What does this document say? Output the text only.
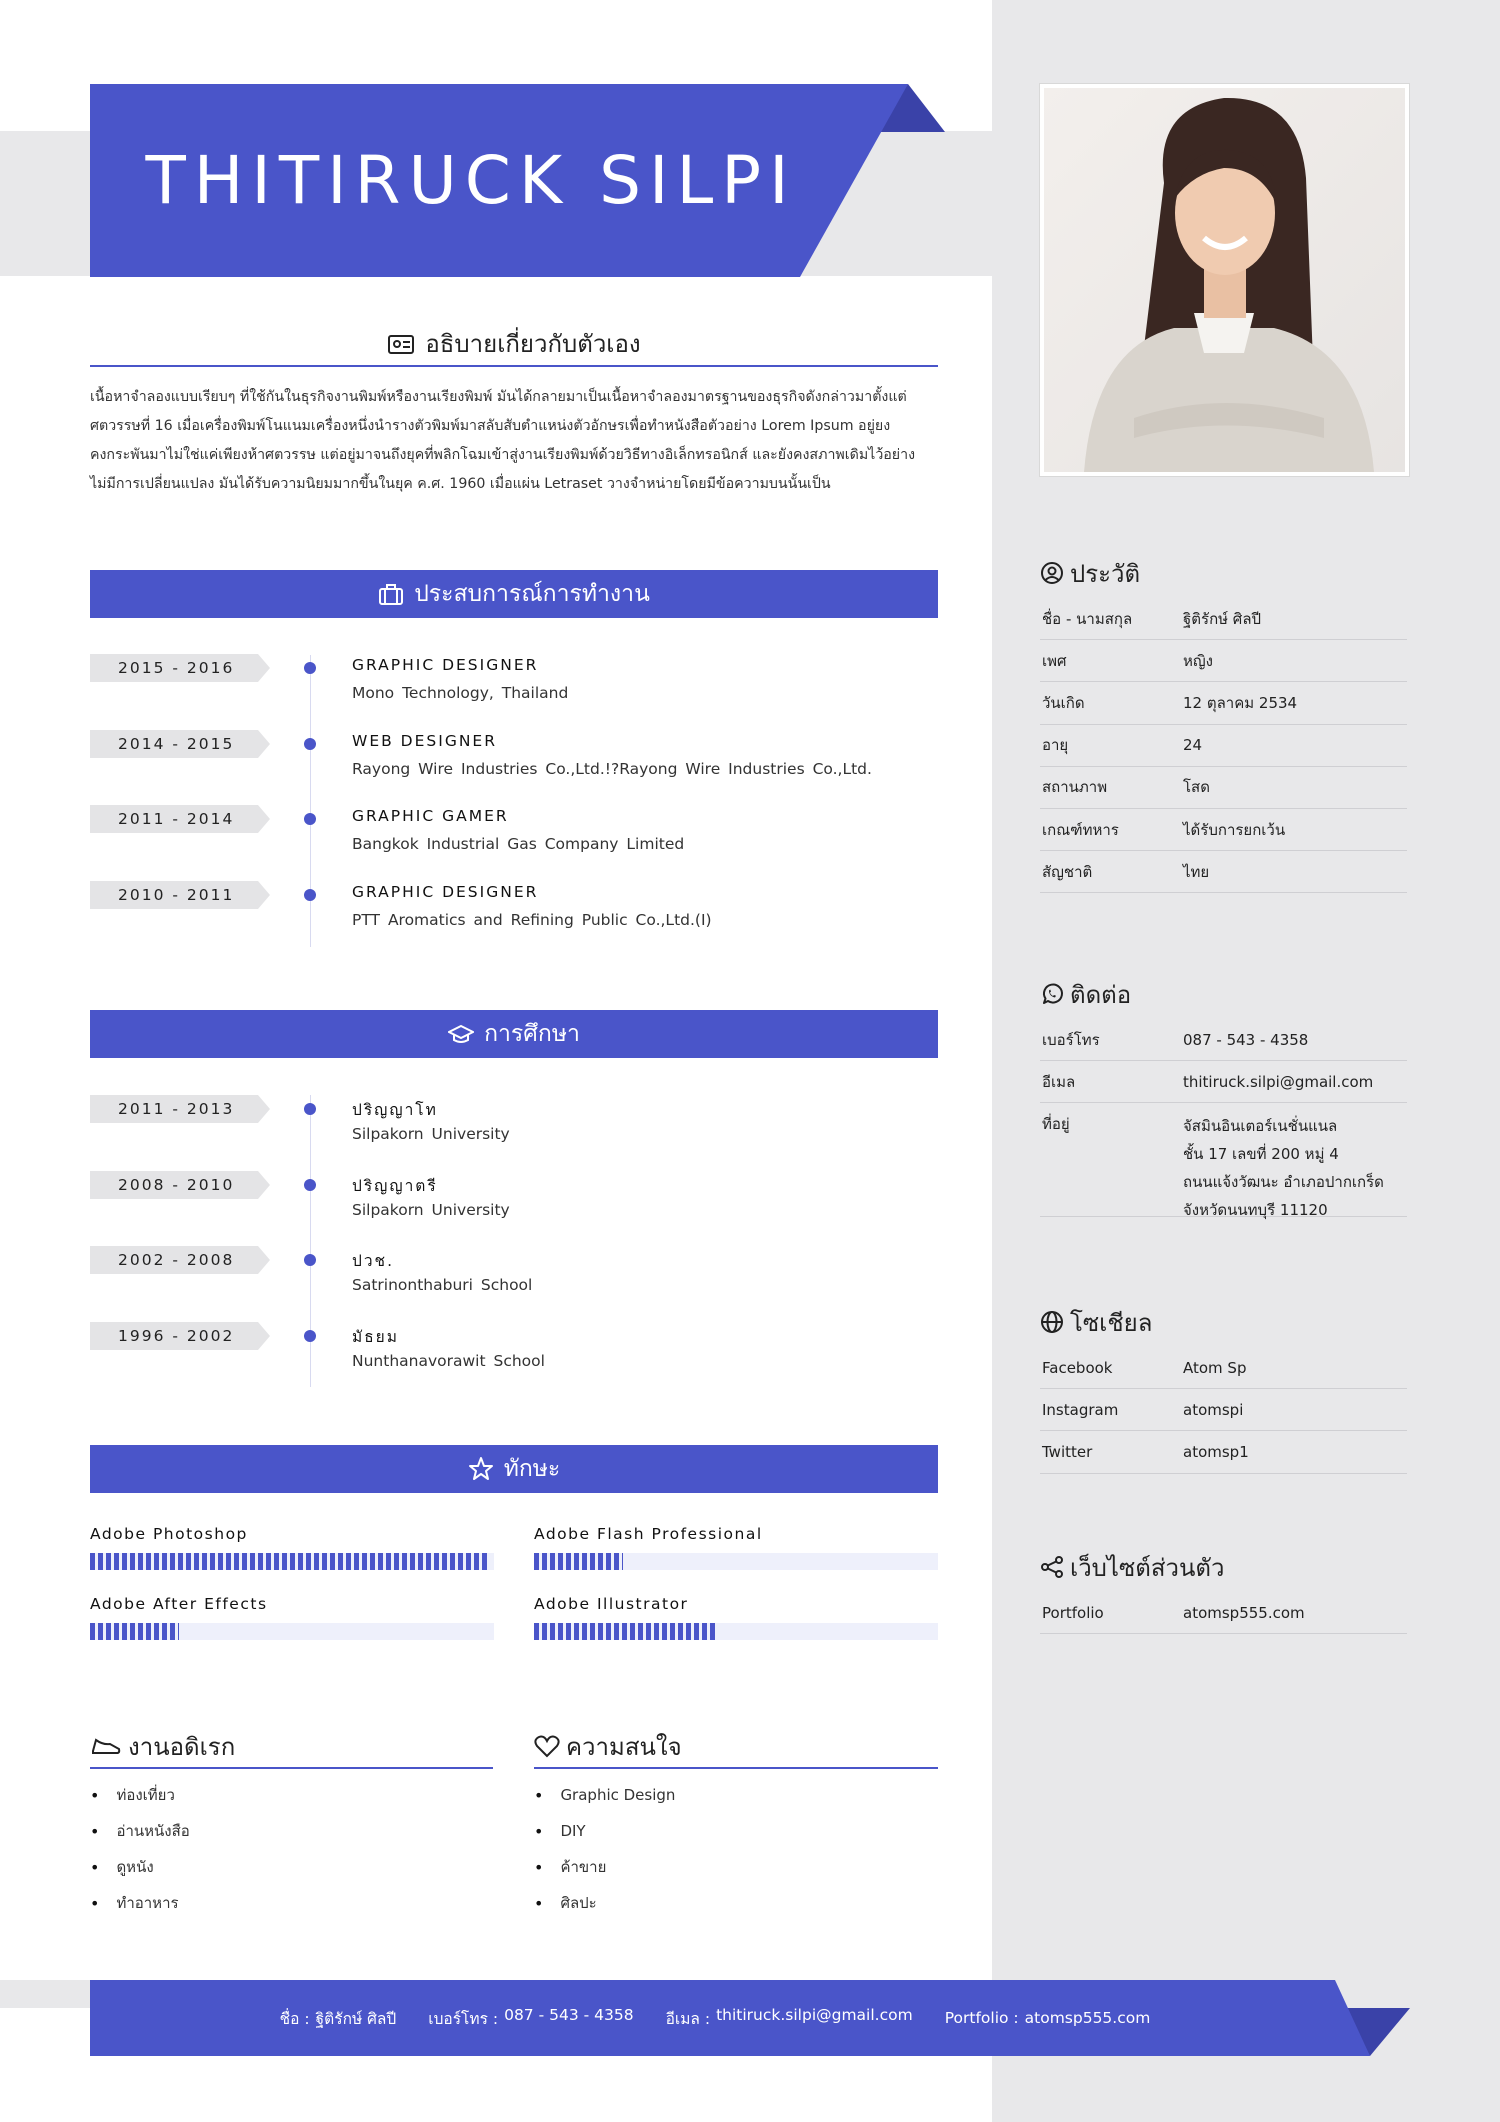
THITIRUCK SILPI
อธิบายเกี่ยวกับตัวเอง

เนื้อหาจำลองแบบเรียบๆ ที่ใช้กันในธุรกิจงานพิมพ์หรืองานเรียงพิมพ์ มันได้กลายมาเป็นเนื้อหาจำลองมาตรฐานของธุรกิจดังกล่าวมาตั้งแต่ศตวรรษที่ 16 เมื่อเครื่องพิมพ์โนแนมเครื่องหนึ่งนำรางตัวพิมพ์มาสลับสับตำแหน่งตัวอักษรเพื่อทำหนังสือตัวอย่าง Lorem Ipsum อยู่ยงคงกระพันมาไม่ใช่แค่เพียงห้าศตวรรษ แต่อยู่มาจนถึงยุคที่พลิกโฉมเข้าสู่งานเรียงพิมพ์ด้วยวิธีทางอิเล็กทรอนิกส์ และยังคงสภาพเดิมไว้อย่างไม่มีการเปลี่ยนแปลง มันได้รับความนิยมมากขึ้นในยุค ค.ศ. 1960 เมื่อแผ่น Letraset วางจำหน่ายโดยมีข้อความบนนั้นเป็น

ประสบการณ์การทำงาน
2015 - 2016	GRAPHIC DESIGNER
Mono Technology, Thailand
2014 - 2015	WEB DESIGNER
Rayong Wire Industries Co.,Ltd.!?Rayong Wire Industries Co.,Ltd.
2011 - 2014	GRAPHIC GAMER
Bangkok Industrial Gas Company Limited
2010 - 2011	GRAPHIC DESIGNER
PTT Aromatics and Refining Public Co.,Ltd.(I)
การศึกษา
2011 - 2013	ปริญญาโท
Silpakorn University
2008 - 2010	ปริญญาตรี
Silpakorn University
2002 - 2008	ปวช.
Satrinonthaburi School
1996 - 2002	มัธยม
Nunthanavorawit School
ทักษะ
Adobe Photoshop	Adobe Flash Professional
Adobe After Effects	Adobe Illustrator
งานอดิเรก
• ท่องเที่ยว
• อ่านหนังสือ
• ดูหนัง
• ทำอาหาร
ความสนใจ
• Graphic Design
• DIY
• ค้าขาย
• ศิลปะ
ประวัติ
ชื่อ - นามสกุล	ฐิติรักษ์ ศิลปี
เพศ	หญิง
วันเกิด	12 ตุลาคม 2534
อายุ	24
สถานภาพ	โสด
เกณฑ์ทหาร	ได้รับการยกเว้น
สัญชาติ	ไทย
ติดต่อ
เบอร์โทร	087 - 543 - 4358
อีเมล	thitiruck.silpi@gmail.com
ที่อยู่	จัสมินอินเตอร์เนชั่นแนล
ชั้น 17 เลขที่ 200 หมู่ 4
ถนนแจ้งวัฒนะ อำเภอปากเกร็ด
จังหวัดนนทบุรี 11120
โซเชียล
Facebook	Atom Sp
Instagram	atomspi
Twitter	atomsp1
เว็บไซต์ส่วนตัว
Portfolio	atomsp555.com
ชื่อ : ฐิติรักษ์ ศิลปี เบอร์โทร : 087 - 543 - 4358 อีเมล : thitiruck.silpi@gmail.com Portfolio : atomsp555.com
